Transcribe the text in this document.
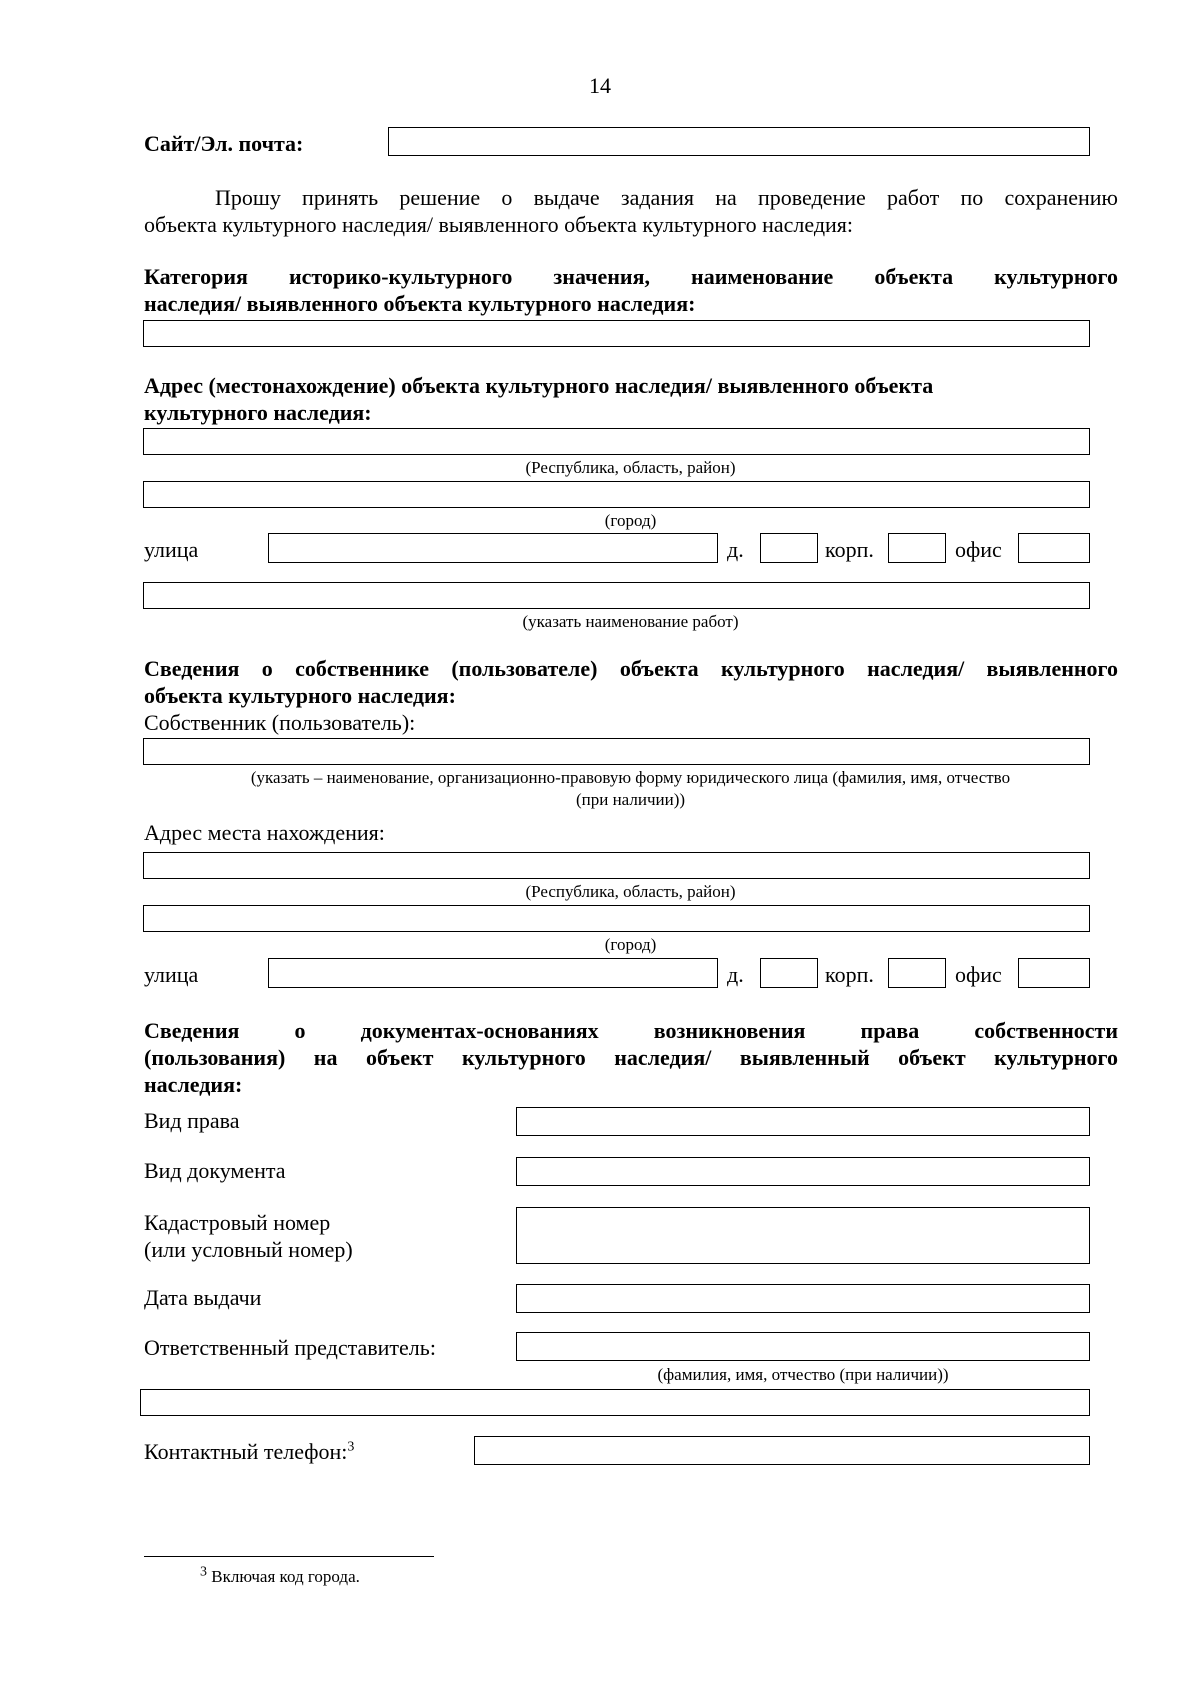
14
Сайт/Эл. почта:
Прошу принять решение о выдаче задания на проведение работ по сохранению
объекта культурного наследия/ выявленного объекта культурного наследия:
Категория историко-культурного значения, наименование объекта культурного
наследия/ выявленного объекта культурного наследия:
Адрес (местонахождение) объекта культурного наследия/ выявленного объекта
культурного наследия:
(Республика, область, район)
(город)
улица	д.	корп.	офис
(указать наименование работ)
Сведения о собственнике (пользователе) объекта культурного наследия/ выявленного
объекта культурного наследия:
Собственник (пользователь):
(указать – наименование, организационно-правовую форму юридического лица (фамилия, имя, отчество
(при наличии))
Адрес места нахождения:
(Республика, область, район)
(город)
улица	д.	корп.	офис
Сведения о документах-основаниях возникновения права собственности
(пользования) на объект культурного наследия/ выявленный объект культурного
наследия:
Вид права
Вид документа
Кадастровый номер
(или условный номер)
Дата выдачи
Ответственный представитель:
(фамилия, имя, отчество (при наличии))
Контактный телефон:$^3$
$^3$ Включая код города.
